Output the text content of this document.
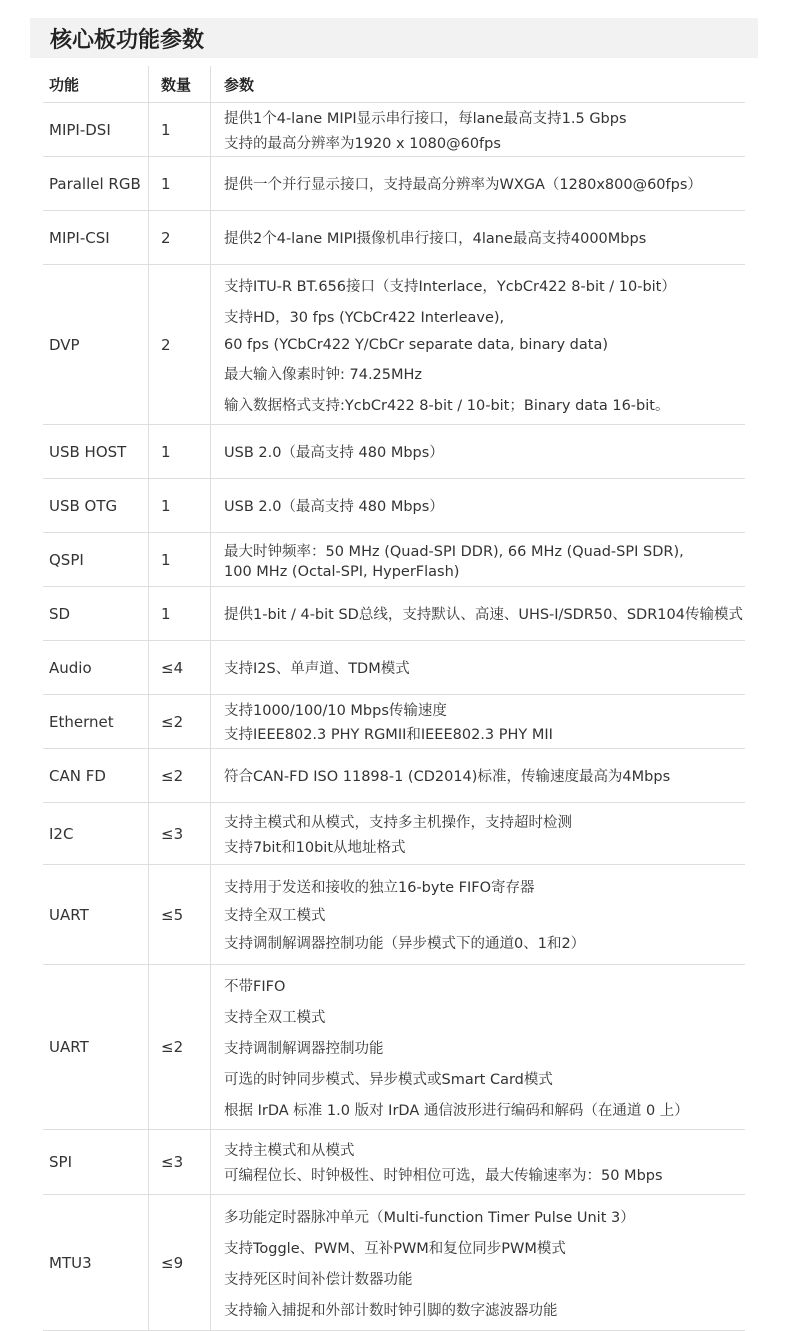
核心板功能参数
功能	数量	参数
MIPI-DSI	1
提供1个4-lane MIPI显示串行接口，每lane最高支持1.5 Gbps
支持的最高分辨率为1920 x 1080@60fps
Parallel RGB	1	提供一个并行显示接口，支持最高分辨率为WXGA（1280x800@60fps）
MIPI-CSI	2	提供2个4-lane MIPI摄像机串行接口，4lane最高支持4000Mbps
DVP	2
支持ITU-R BT.656接口（支持Interlace，YcbCr422 8-bit / 10-bit）
支持HD，30 fps (YCbCr422 Interleave),
60 fps (YCbCr422 Y/CbCr separate data, binary data)
最大输入像素时钟: 74.25MHz
输入数据格式支持:YcbCr422 8-bit / 10-bit；Binary data 16-bit。
USB HOST	1	USB 2.0（最高支持 480 Mbps）
USB OTG	1	USB 2.0（最高支持 480 Mbps）
QSPI	1	最大时钟频率：50 MHz (Quad-SPI DDR), 66 MHz (Quad-SPI SDR),
100 MHz (Octal-SPI, HyperFlash)
SD	1	提供1-bit / 4-bit SD总线，支持默认、高速、UHS-I/SDR50、SDR104传输模式
Audio	≤4	支持I2S、单声道、TDM模式
Ethernet	≤2
支持1000/100/10 Mbps传输速度
支持IEEE802.3 PHY RGMII和IEEE802.3 PHY MII
CAN FD	≤2	符合CAN-FD ISO 11898-1 (CD2014)标准，传输速度最高为4Mbps
I2C	≤3
支持主模式和从模式，支持多主机操作，支持超时检测
支持7bit和10bit从地址格式
UART	≤5
支持用于发送和接收的独立16-byte FIFO寄存器
支持全双工模式
支持调制解调器控制功能（异步模式下的通道0、1和2）
UART	≤2
不带FIFO
支持全双工模式
支持调制解调器控制功能
可选的时钟同步模式、异步模式或Smart Card模式
根据 IrDA 标准 1.0 版对 IrDA 通信波形进行编码和解码（在通道 0 上）
SPI	≤3
支持主模式和从模式
可编程位长、时钟极性、时钟相位可选，最大传输速率为：50 Mbps
MTU3	≤9
多功能定时器脉冲单元（Multi-function Timer Pulse Unit 3）
支持Toggle、PWM、互补PWM和复位同步PWM模式
支持死区时间补偿计数器功能
支持输入捕捉和外部计数时钟引脚的数字滤波器功能
